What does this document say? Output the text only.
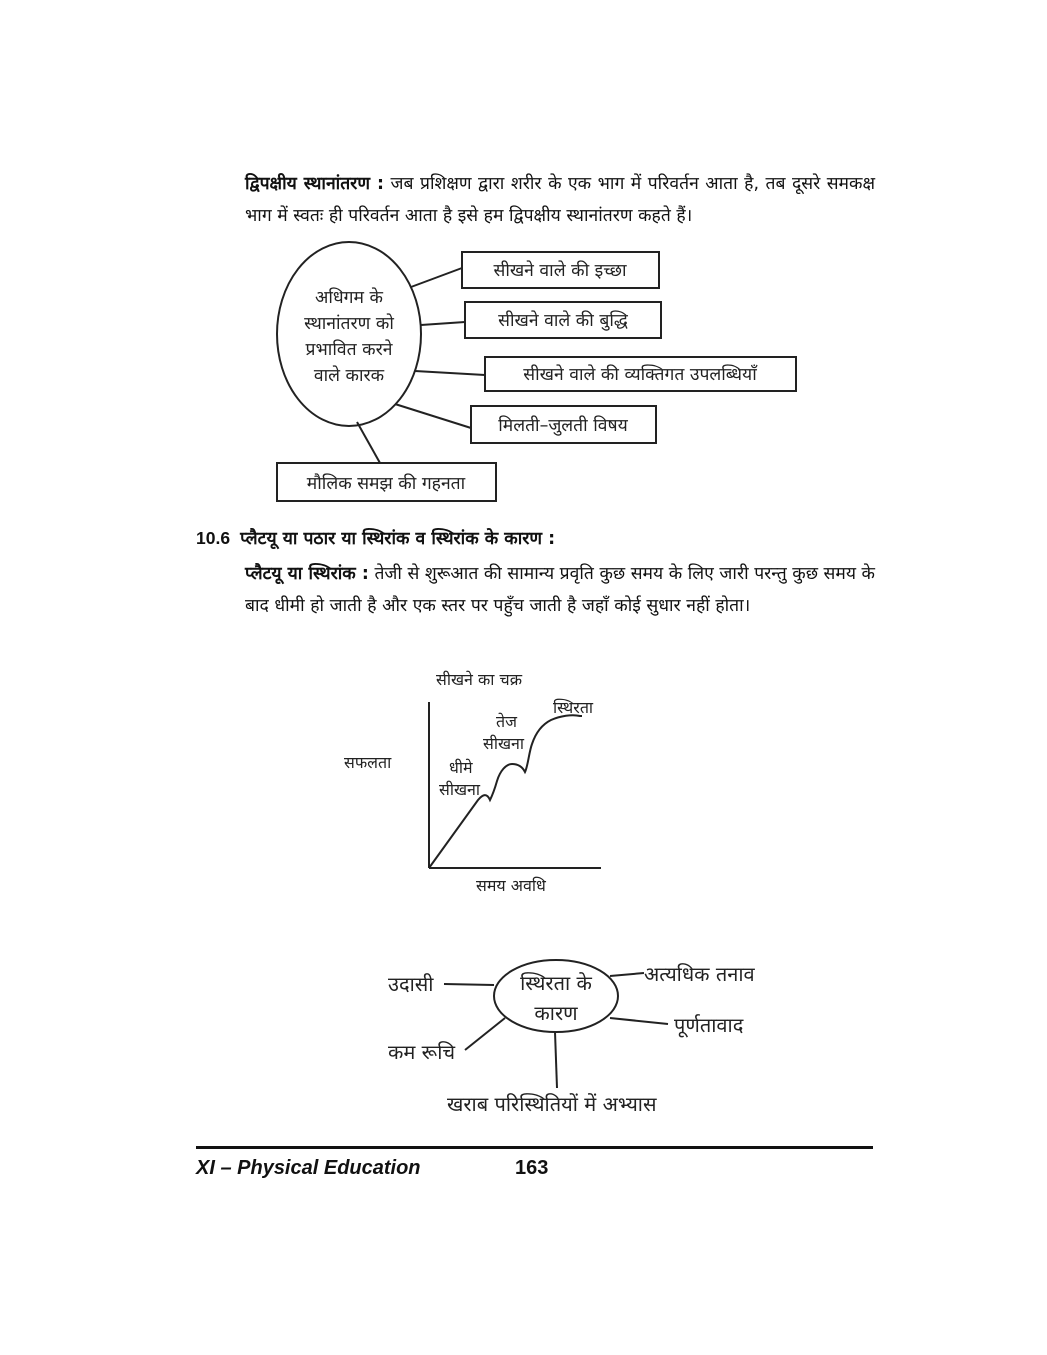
द्विपक्षीय स्थानांतरण : जब प्रशिक्षण द्वारा शरीर के एक भाग में परिवर्तन आता है, तब दूसरे समकक्ष भाग में स्वतः ही परिवर्तन आता है इसे हम द्विपक्षीय स्थानांतरण कहते हैं।

अधिगम के
स्थानांतरण को
प्रभावित करने
वाले कारक
सीखने वाले की इच्छा
सीखने वाले की बुद्धि
सीखने वाले की व्यक्तिगत उपलब्धियाँ
मिलती–जुलती विषय
मौलिक समझ की गहनता

10.6 प्लैटयू या पठार या स्थिरांक व स्थिरांक के कारण :

प्लैटयू या स्थिरांक : तेजी से शुरूआत की सामान्य प्रवृति कुछ समय के लिए जारी परन्तु कुछ समय के बाद धीमी हो जाती है और एक स्तर पर पहुँच जाती है जहाँ कोई सुधार नहीं होता।

सीखने का चक्र
सफलता
समय अवधि
धीमे
सीखना
तेज
सीखना
स्थिरता
स्थिरता के
कारण
उदासी	अत्यधिक तनाव
पूर्णतावाद
कम रूचि
खराब परिस्थितियों में अभ्यास
XI – Physical Education	163
